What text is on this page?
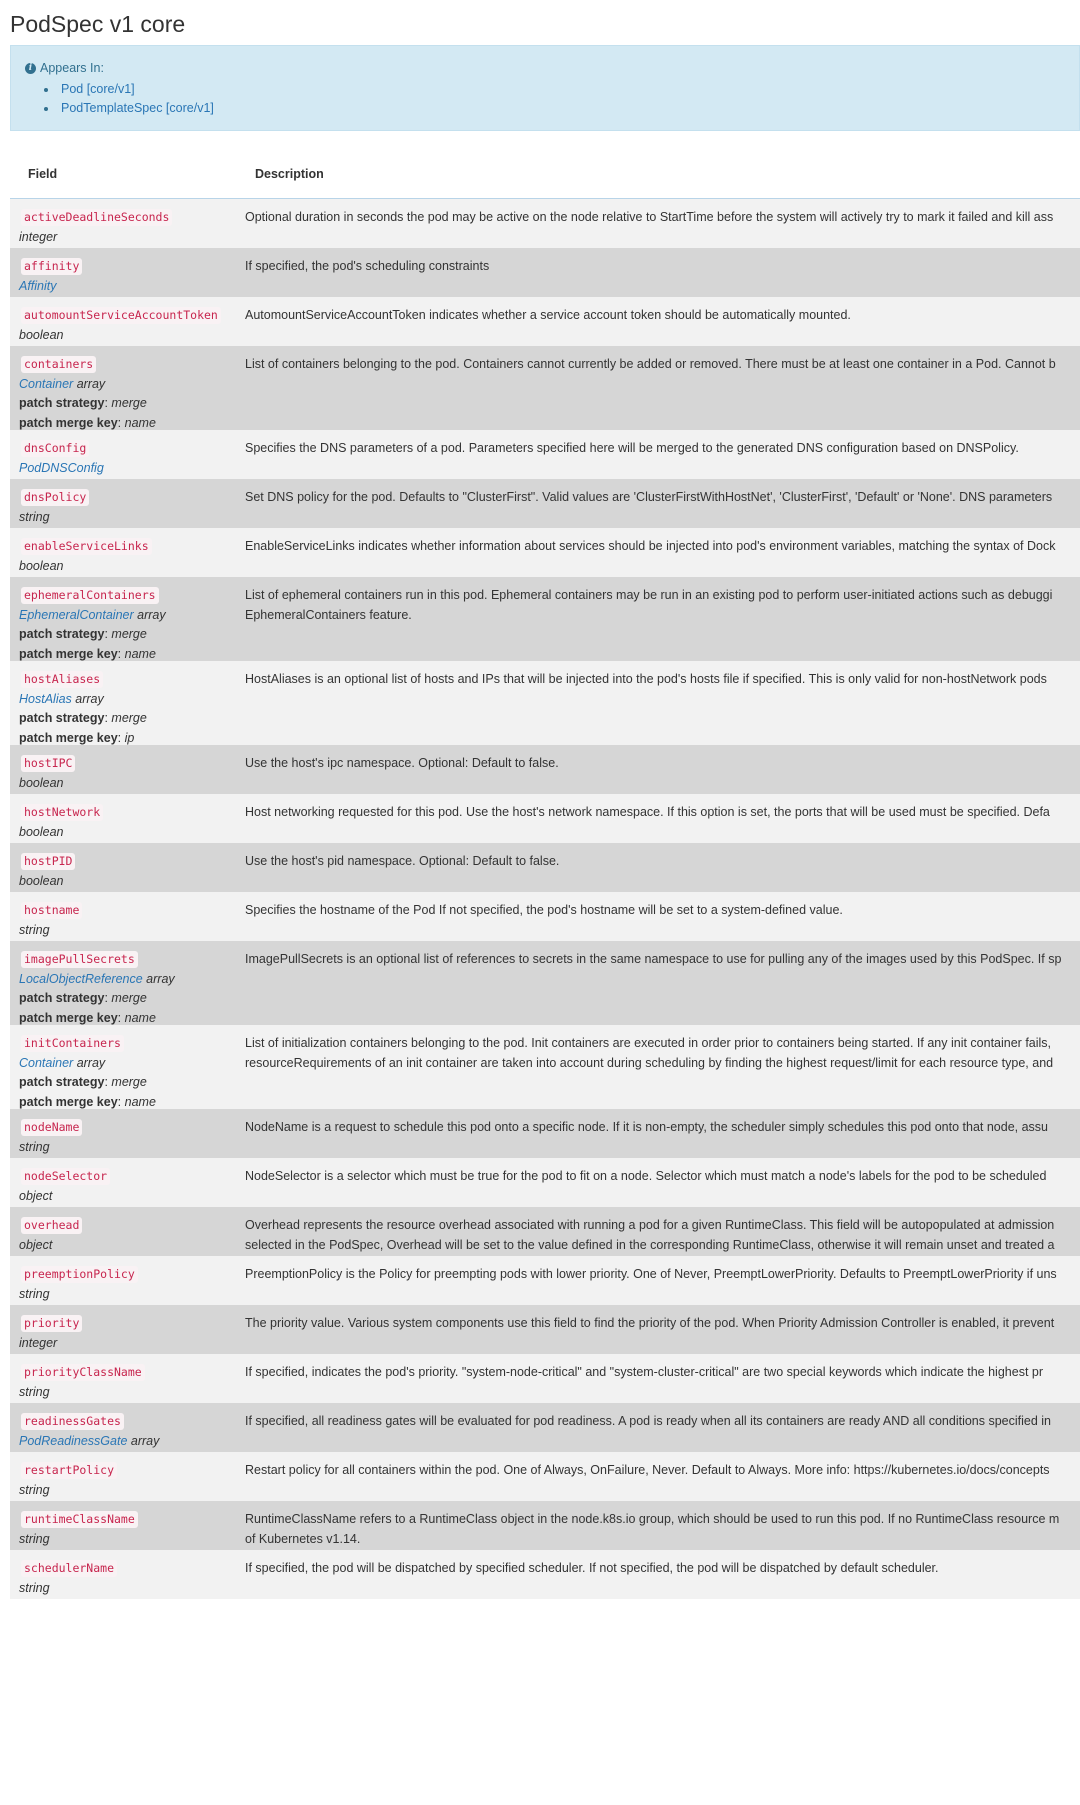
PodSpec v1 core
i Appears In:
Pod [core/v1]
PodTemplateSpec [core/v1]
Field	Description
activeDeadlineSeconds
integer
Optional duration in seconds the pod may be active on the node relative to StartTime before the system will actively try to mark it failed and kill ass
affinity
Affinity
If specified, the pod's scheduling constraints
automountServiceAccountToken
boolean
AutomountServiceAccountToken indicates whether a service account token should be automatically mounted.
containers
Container array
patch strategy: merge
patch merge key: name
List of containers belonging to the pod. Containers cannot currently be added or removed. There must be at least one container in a Pod. Cannot b
dnsConfig
PodDNSConfig
Specifies the DNS parameters of a pod. Parameters specified here will be merged to the generated DNS configuration based on DNSPolicy.
dnsPolicy
string
Set DNS policy for the pod. Defaults to "ClusterFirst". Valid values are 'ClusterFirstWithHostNet', 'ClusterFirst', 'Default' or 'None'. DNS parameters
enableServiceLinks
boolean
EnableServiceLinks indicates whether information about services should be injected into pod's environment variables, matching the syntax of Dock
ephemeralContainers
EphemeralContainer array
patch strategy: merge
patch merge key: name
List of ephemeral containers run in this pod. Ephemeral containers may be run in an existing pod to perform user-initiated actions such as debuggi
EphemeralContainers feature.
hostAliases
HostAlias array
patch strategy: merge
patch merge key: ip
HostAliases is an optional list of hosts and IPs that will be injected into the pod's hosts file if specified. This is only valid for non-hostNetwork pods
hostIPC
boolean
Use the host's ipc namespace. Optional: Default to false.
hostNetwork
boolean
Host networking requested for this pod. Use the host's network namespace. If this option is set, the ports that will be used must be specified. Defa
hostPID
boolean
Use the host's pid namespace. Optional: Default to false.
hostname
string
Specifies the hostname of the Pod If not specified, the pod's hostname will be set to a system-defined value.
imagePullSecrets
LocalObjectReference array
patch strategy: merge
patch merge key: name
ImagePullSecrets is an optional list of references to secrets in the same namespace to use for pulling any of the images used by this PodSpec. If sp
initContainers
Container array
patch strategy: merge
patch merge key: name
List of initialization containers belonging to the pod. Init containers are executed in order prior to containers being started. If any init container fails,
resourceRequirements of an init container are taken into account during scheduling by finding the highest request/limit for each resource type, and
nodeName
string
NodeName is a request to schedule this pod onto a specific node. If it is non-empty, the scheduler simply schedules this pod onto that node, assu
nodeSelector
object
NodeSelector is a selector which must be true for the pod to fit on a node. Selector which must match a node's labels for the pod to be scheduled
overhead
object
Overhead represents the resource overhead associated with running a pod for a given RuntimeClass. This field will be autopopulated at admission
selected in the PodSpec, Overhead will be set to the value defined in the corresponding RuntimeClass, otherwise it will remain unset and treated a
preemptionPolicy
string
PreemptionPolicy is the Policy for preempting pods with lower priority. One of Never, PreemptLowerPriority. Defaults to PreemptLowerPriority if uns
priority
integer
The priority value. Various system components use this field to find the priority of the pod. When Priority Admission Controller is enabled, it prevent
priorityClassName
string
If specified, indicates the pod's priority. "system-node-critical" and "system-cluster-critical" are two special keywords which indicate the highest pr
readinessGates
PodReadinessGate array
If specified, all readiness gates will be evaluated for pod readiness. A pod is ready when all its containers are ready AND all conditions specified in
restartPolicy
string
Restart policy for all containers within the pod. One of Always, OnFailure, Never. Default to Always. More info: https://kubernetes.io/docs/concepts
runtimeClassName
string
RuntimeClassName refers to a RuntimeClass object in the node.k8s.io group, which should be used to run this pod. If no RuntimeClass resource m
of Kubernetes v1.14.
schedulerName
string
If specified, the pod will be dispatched by specified scheduler. If not specified, the pod will be dispatched by default scheduler.
